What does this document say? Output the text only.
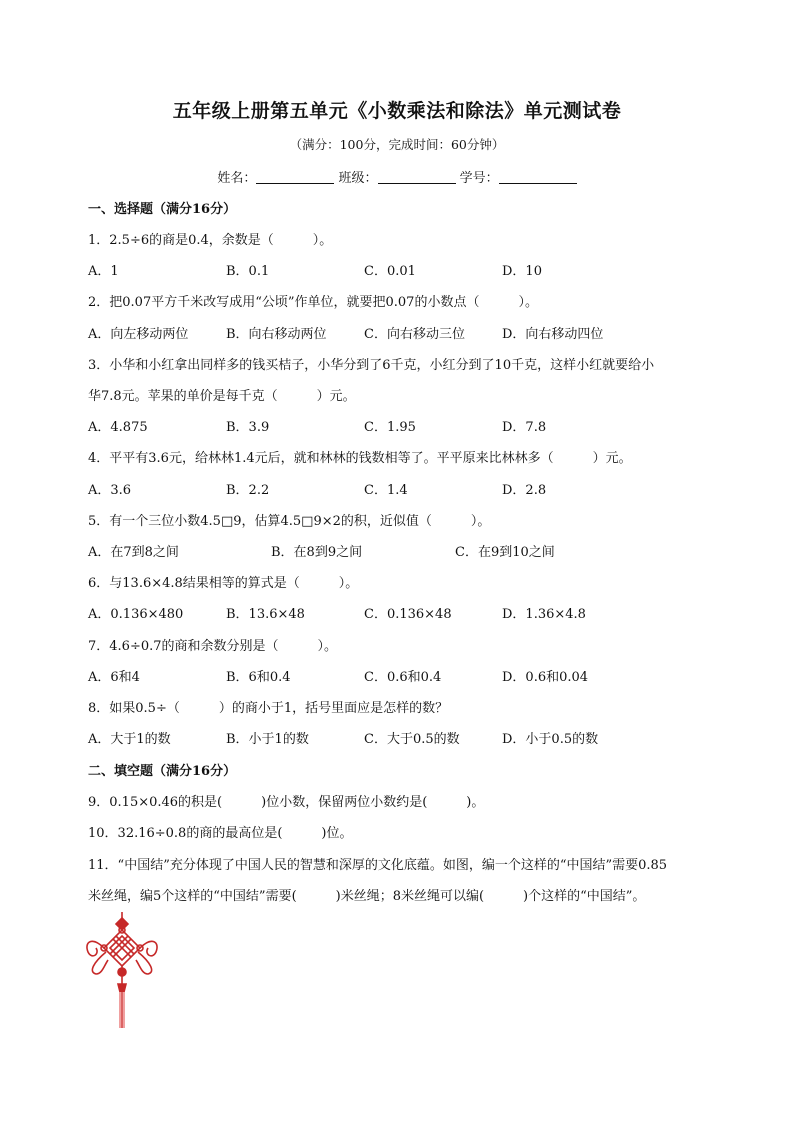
五年级上册第五单元《小数乘法和除法》单元测试卷
（满分：100分，完成时间：60分钟）
姓名：	班级：	学号：
一、选择题（满分16分）
1．2.5÷6的商是0.4，余数是（　　　）。
A．1	B．0.1	C．0.01	D．10
2．把0.07平方千米改写成用“公顷”作单位，就要把0.07的小数点（　　　）。
A．向左移动两位	B．向右移动两位	C．向右移动三位	D．向右移动四位
3．小华和小红拿出同样多的钱买桔子，小华分到了6千克，小红分到了10千克，这样小红就要给小
华7.8元。苹果的单价是每千克（　　　）元。
A．4.875	B．3.9	C．1.95	D．7.8
4．平平有3.6元，给林林1.4元后，就和林林的钱数相等了。平平原来比林林多（　　　）元。
A．3.6	B．2.2	C．1.4	D．2.8
5．有一个三位小数4.5□9，估算4.5□9×2的积，近似值（　　　）。
A．在7到8之间	B．在8到9之间	C．在9到10之间
6．与13.6×4.8结果相等的算式是（　　　）。
A．0.136×480	B．13.6×48	C．0.136×48	D．1.36×4.8
7．4.6÷0.7的商和余数分别是（　　　）。
A．6和4	B．6和0.4	C．0.6和0.4	D．0.6和0.04
8．如果0.5÷（　　　）的商小于1，括号里面应是怎样的数？
A．大于1的数	B．小于1的数	C．大于0.5的数	D．小于0.5的数
二、填空题（满分16分）
9．0.15×0.46的积是(　　　)位小数，保留两位小数约是(　　　)。
10．32.16÷0.8的商的最高位是(　　　)位。
11．“中国结”充分体现了中国人民的智慧和深厚的文化底蕴。如图，编一个这样的“中国结”需要0.85
米丝绳，编5个这样的“中国结”需要(　　　)米丝绳；8米丝绳可以编(　　　)个这样的“中国结”。
